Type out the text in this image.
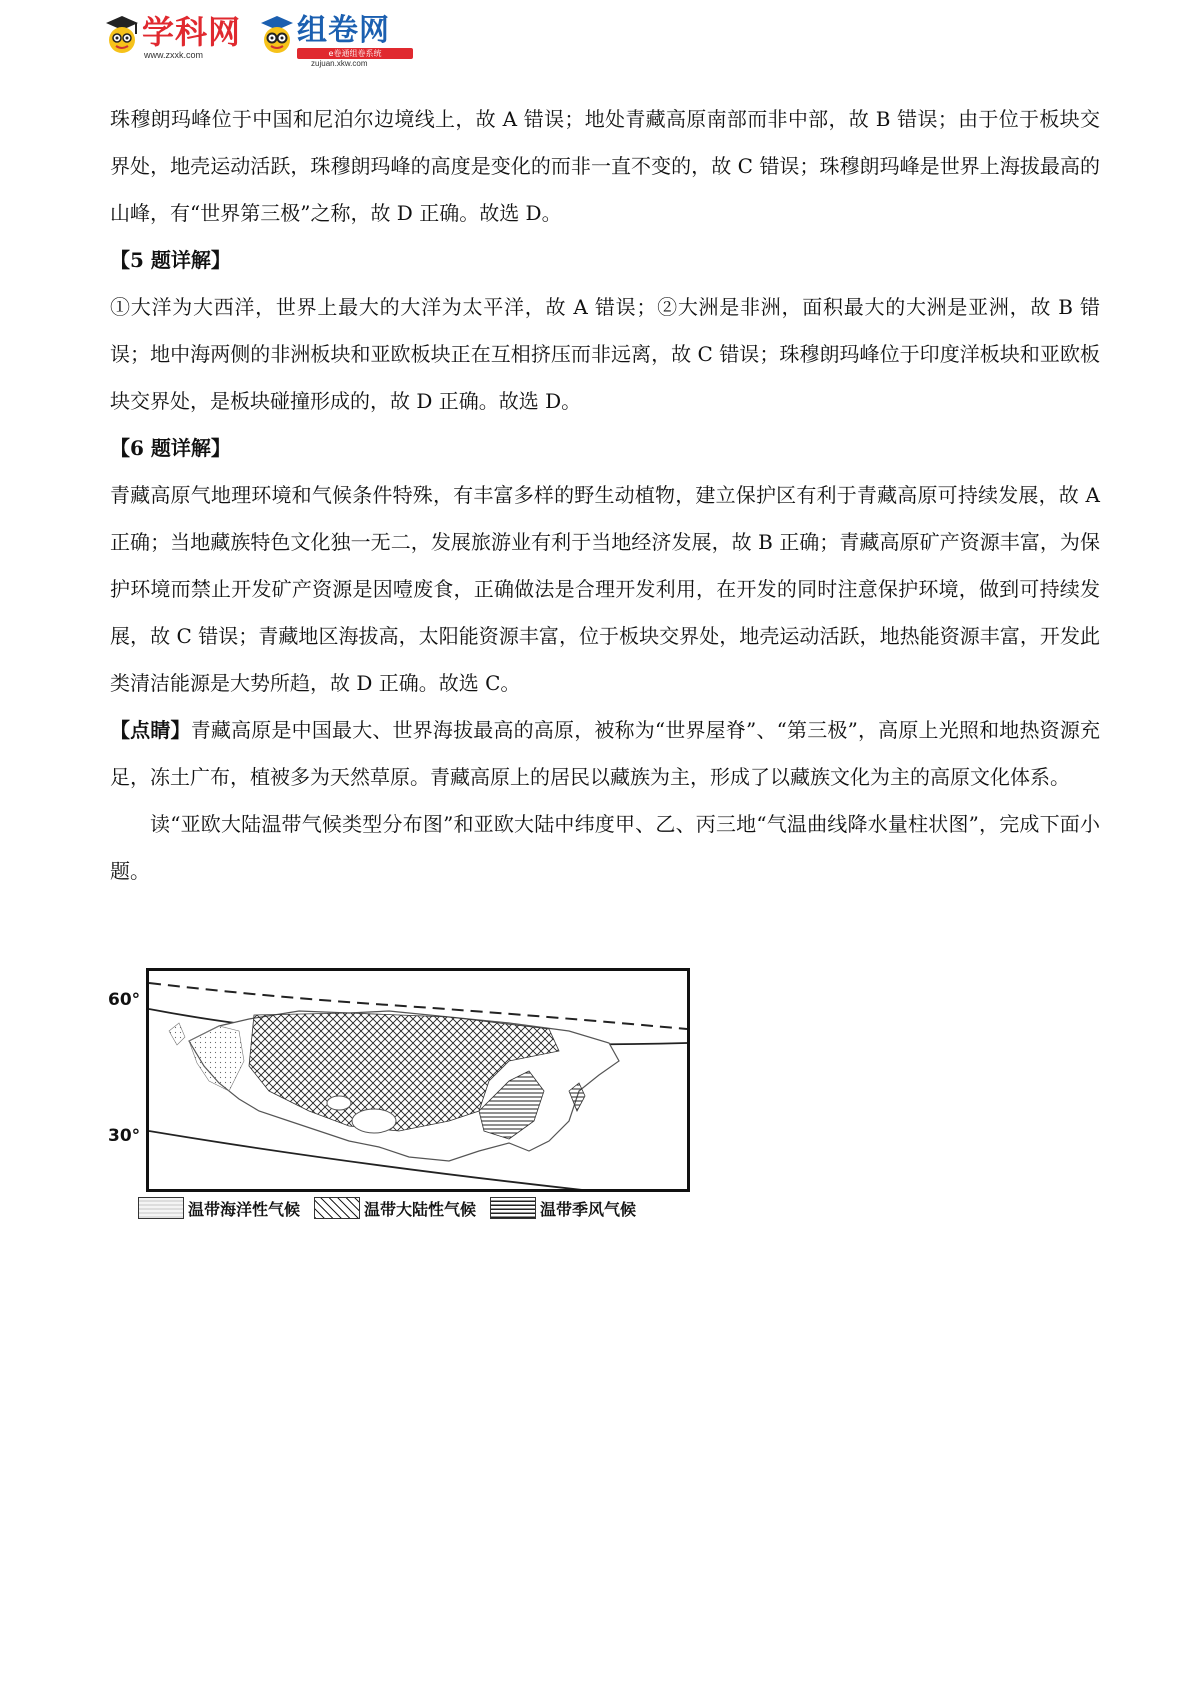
学科网
www.zxxk.com
组卷网
e卷通组卷系统
zujuan.xkw.com

珠穆朗玛峰位于中国和尼泊尔边境线上，故 A 错误；地处青藏高原南部而非中部，故 B 错误；由于位于板块交界处，地壳运动活跃，珠穆朗玛峰的高度是变化的而非一直不变的，故 C 错误；珠穆朗玛峰是世界上海拔最高的山峰，有“世界第三极”之称，故 D 正确。故选 D。

【5 题详解】

①大洋为大西洋，世界上最大的大洋为太平洋，故 A 错误；②大洲是非洲，面积最大的大洲是亚洲，故 B 错误；地中海两侧的非洲板块和亚欧板块正在互相挤压而非远离，故 C 错误；珠穆朗玛峰位于印度洋板块和亚欧板块交界处，是板块碰撞形成的，故 D 正确。故选 D。

【6 题详解】

青藏高原气地理环境和气候条件特殊，有丰富多样的野生动植物，建立保护区有利于青藏高原可持续发展，故 A 正确；当地藏族特色文化独一无二，发展旅游业有利于当地经济发展，故 B 正确；青藏高原矿产资源丰富，为保护环境而禁止开发矿产资源是因噎废食，正确做法是合理开发利用，在开发的同时注意保护环境，做到可持续发展，故 C 错误；青藏地区海拔高，太阳能资源丰富，位于板块交界处，地壳运动活跃，地热能资源丰富，开发此类清洁能源是大势所趋，故 D 正确。故选 C。

【点睛】青藏高原是中国最大、世界海拔最高的高原，被称为“世界屋脊”、“第三极”，高原上光照和地热资源充足，冻土广布，植被多为天然草原。青藏高原上的居民以藏族为主，形成了以藏族文化为主的高原文化体系。

读“亚欧大陆温带气候类型分布图”和亚欧大陆中纬度甲、乙、丙三地“气温曲线降水量柱状图”，完成下面小题。

60°
30°
温带海洋性气候	温带大陆性气候	温带季风气候
